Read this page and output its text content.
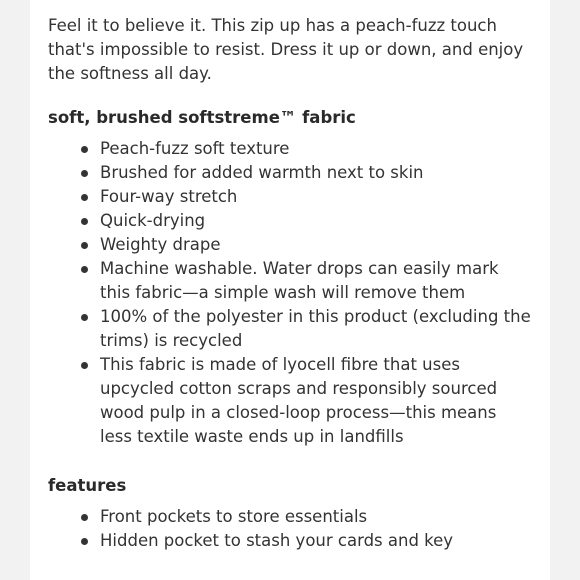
Feel it to believe it. This zip up has a peach-fuzz touch that's impossible to resist. Dress it up or down, and enjoy the softness all day.

soft, brushed softstreme™ fabric
Peach-fuzz soft texture
Brushed for added warmth next to skin
Four-way stretch
Quick-drying
Weighty drape
Machine washable. Water drops can easily mark this fabric—a simple wash will remove them
100% of the polyester in this product (excluding the trims) is recycled
This fabric is made of lyocell fibre that uses upcycled cotton scraps and responsibly sourced wood pulp in a closed-loop process—this means less textile waste ends up in landfills
features
Front pockets to store essentials
Hidden pocket to stash your cards and key
